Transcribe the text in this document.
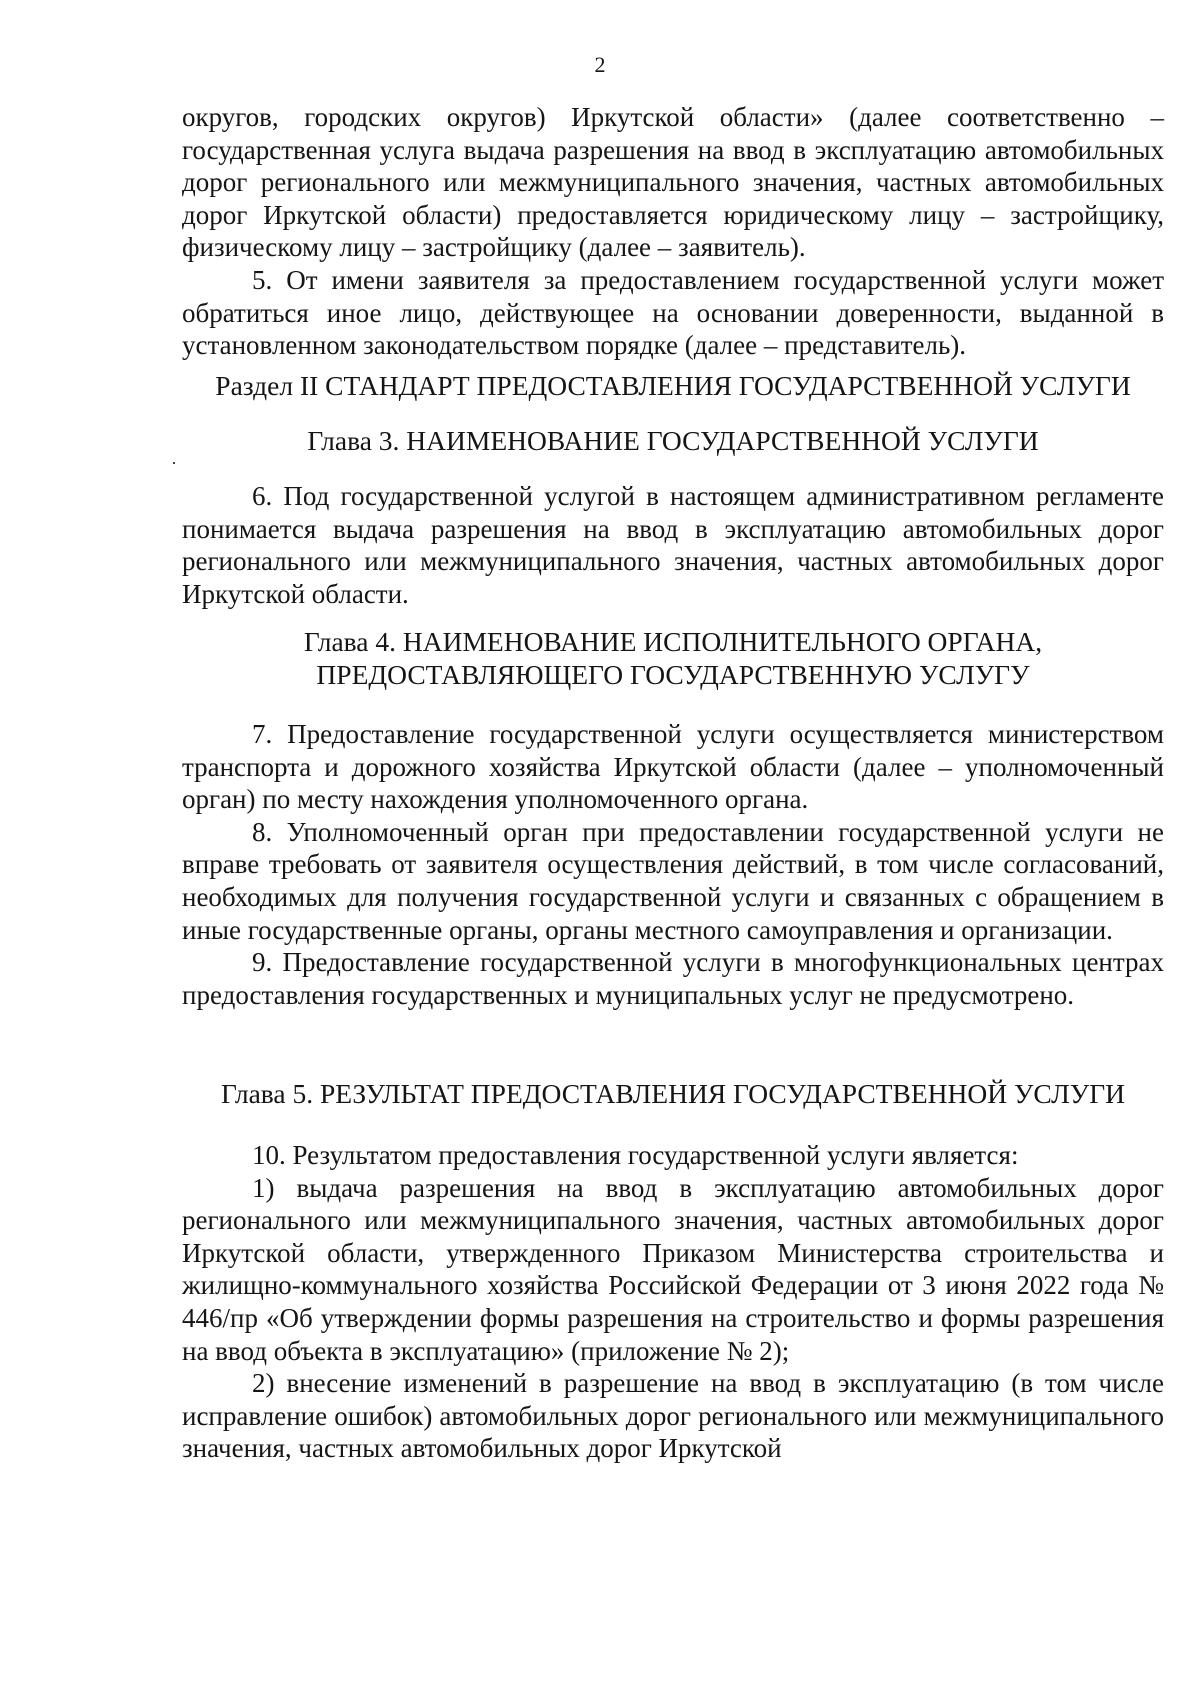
2

округов, городских округов) Иркутской области» (далее соответственно – государственная услуга выдача разрешения на ввод в эксплуатацию автомобильных дорог регионального или межмуниципального значения, частных автомобильных дорог Иркутской области) предоставляется юридическому лицу – застройщику, физическому лицу – застройщику (далее – заявитель).

5. От имени заявителя за предоставлением государственной услуги может обратиться иное лицо, действующее на основании доверенности, выданной в установленном законодательством порядке (далее – представитель).

Раздел II СТАНДАРТ ПРЕДОСТАВЛЕНИЯ ГОСУДАРСТВЕННОЙ УСЛУГИ
Глава 3. НАИМЕНОВАНИЕ ГОСУДАРСТВЕННОЙ УСЛУГИ

6. Под государственной услугой в настоящем административном регламенте понимается выдача разрешения на ввод в эксплуатацию автомобильных дорог регионального или межмуниципального значения, частных автомобильных дорог Иркутской области.

Глава 4. НАИМЕНОВАНИЕ ИСПОЛНИТЕЛЬНОГО ОРГАНА,
ПРЕДОСТАВЛЯЮЩЕГО ГОСУДАРСТВЕННУЮ УСЛУГУ

7. Предоставление государственной услуги осуществляется министерством транспорта и дорожного хозяйства Иркутской области (далее – уполномоченный орган) по месту нахождения уполномоченного органа.

8. Уполномоченный орган при предоставлении государственной услуги не вправе требовать от заявителя осуществления действий, в том числе согласований, необходимых для получения государственной услуги и связанных с обращением в иные государственные органы, органы местного самоуправления и организации.

9. Предоставление государственной услуги в многофункциональных центрах предоставления государственных и муниципальных услуг не предусмотрено.

Глава 5. РЕЗУЛЬТАТ ПРЕДОСТАВЛЕНИЯ ГОСУДАРСТВЕННОЙ УСЛУГИ

10. Результатом предоставления государственной услуги является:

1) выдача разрешения на ввод в эксплуатацию автомобильных дорог регионального или межмуниципального значения, частных автомобильных дорог Иркутской области, утвержденного Приказом Министерства строительства и жилищно-коммунального хозяйства Российской Федерации от 3 июня 2022 года № 446/пр «Об утверждении формы разрешения на строительство и формы разрешения на ввод объекта в эксплуатацию» (приложение № 2);

2) внесение изменений в разрешение на ввод в эксплуатацию (в том числе исправление ошибок) автомобильных дорог регионального или межмуниципального значения, частных автомобильных дорог Иркутской
